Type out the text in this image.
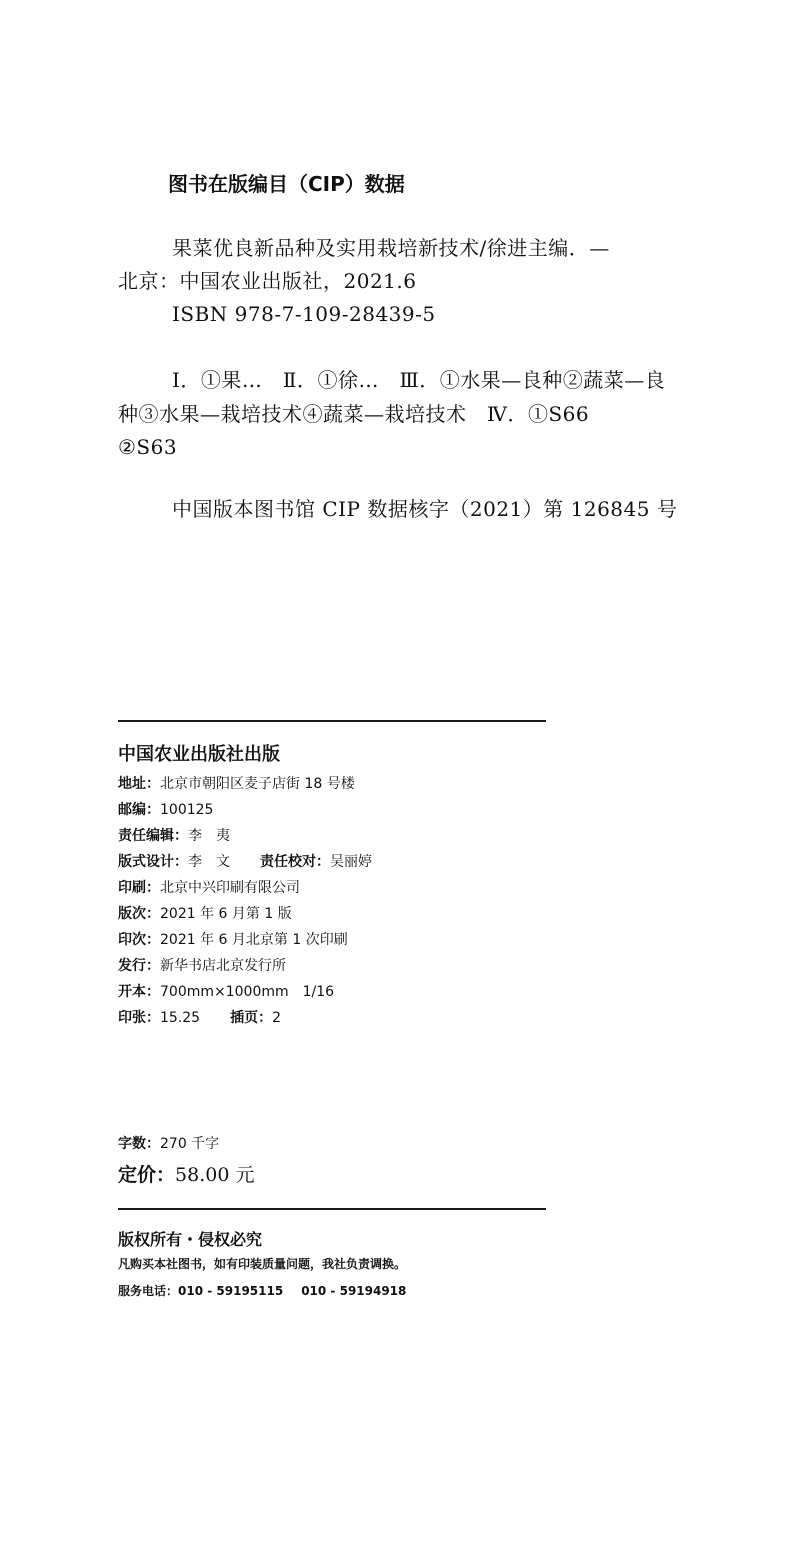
图书在版编目（CIP）数据
果菜优良新品种及实用栽培新技术/徐进主编．—
北京：中国农业出版社，2021.6
ISBN 978-7-109-28439-5
Ⅰ．①果…　Ⅱ．①徐…　Ⅲ．①水果—良种②蔬菜—良
种③水果—栽培技术④蔬菜—栽培技术　Ⅳ．①S66
②S63
中国版本图书馆 CIP 数据核字（2021）第 126845 号
中国农业出版社出版
地址：北京市朝阳区麦子店街 18 号楼
邮编：100125
责任编辑：李　夷
版式设计：李　文 责任校对：吴丽婷
印刷：北京中兴印刷有限公司
版次：2021 年 6 月第 1 版
印次：2021 年 6 月北京第 1 次印刷
发行：新华书店北京发行所
开本：700mm×1000mm　1/16
印张：15.25 插页：2
字数：270 千字
定价：58.00 元
版权所有・侵权必究
凡购买本社图书，如有印装质量问题，我社负责调换。
服务电话：010 - 59195115 010 - 59194918
